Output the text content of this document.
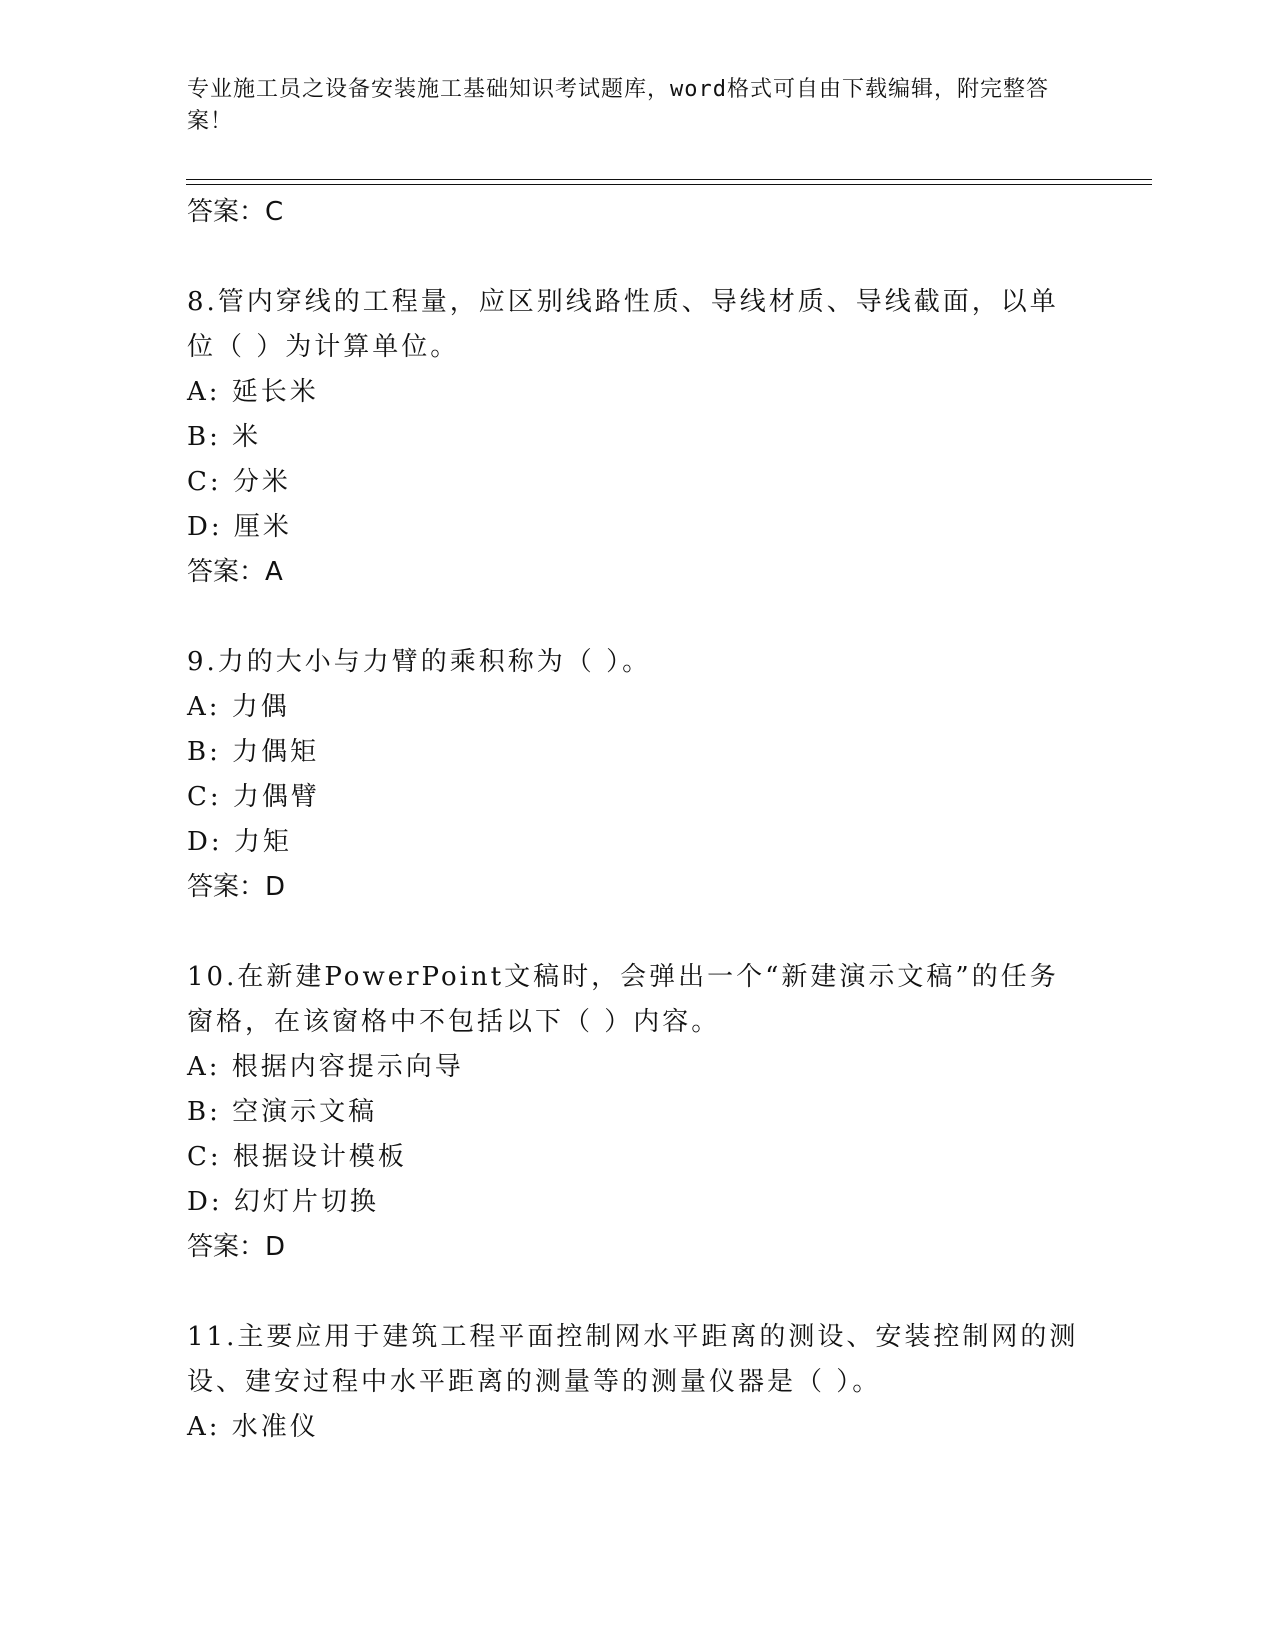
专业施工员之设备安装施工基础知识考试题库，word格式可自由下载编辑，附完整答案！
答案：C
8.管内穿线的工程量，应区别线路性质、导线材质、导线截面，以单位（ ）为计算单位。
A: 延长米
B: 米
C: 分米
D: 厘米
答案：A
9.力的大小与力臂的乘积称为（ ）。
A: 力偶
B: 力偶矩
C: 力偶臂
D: 力矩
答案：D
10.在新建PowerPoint文稿时，会弹出一个“新建演示文稿”的任务窗格，在该窗格中不包括以下（ ）内容。
A: 根据内容提示向导
B: 空演示文稿
C: 根据设计模板
D: 幻灯片切换
答案：D
11.主要应用于建筑工程平面控制网水平距离的测设、安装控制网的测设、建安过程中水平距离的测量等的测量仪器是（ ）。
A: 水准仪
